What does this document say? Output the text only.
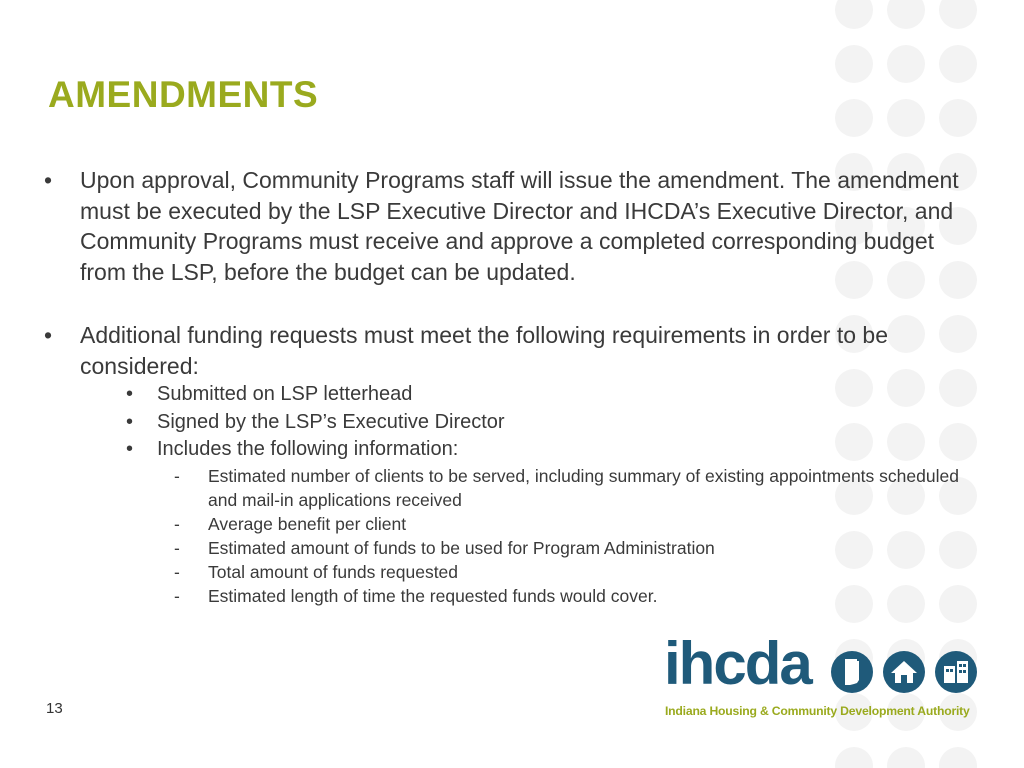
AMENDMENTS
• Upon approval, Community Programs staff will issue the amendment. The amendment must be executed by the LSP Executive Director and IHCDA’s Executive Director, and Community Programs must receive and approve a completed corresponding budget from the LSP, before the budget can be updated.
• Additional funding requests must meet the following requirements in order to be considered:
• Submitted on LSP letterhead
• Signed by the LSP’s Executive Director
• Includes the following information:
- Estimated number of clients to be served, including summary of existing appointments scheduled and mail-in applications received
- Average benefit per client
- Estimated amount of funds to be used for Program Administration
- Total amount of funds requested
- Estimated length of time the requested funds would cover.
13
ihcda
Indiana Housing & Community Development Authority
